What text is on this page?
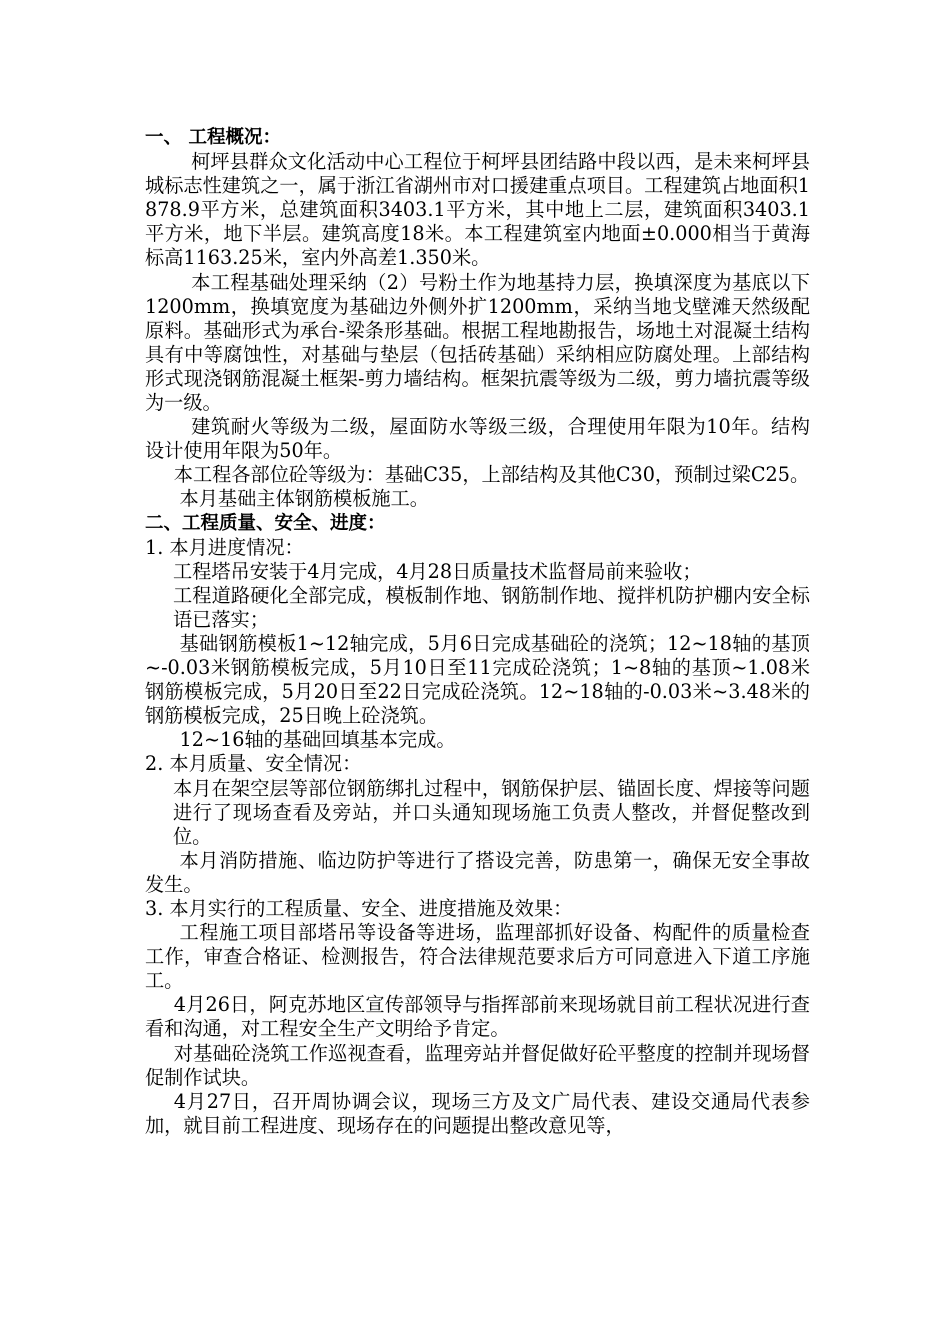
一、 工程概况：

柯坪县群众文化活动中心工程位于柯坪县团结路中段以西，是未来柯坪县城标志性建筑之一，属于浙江省湖州市对口援建重点项目。工程建筑占地面积1878.9平方米，总建筑面积3403.1平方米，其中地上二层，建筑面积3403.1平方米，地下半层。建筑高度18米。本工程建筑室内地面±0.000相当于黄海标高1163.25米，室内外高差1.350米。

本工程基础处理采纳（2）号粉土作为地基持力层，换填深度为基底以下1200mm，换填宽度为基础边外侧外扩1200mm，采纳当地戈壁滩天然级配原料。基础形式为承台-梁条形基础。根据工程地勘报告，场地土对混凝土结构具有中等腐蚀性，对基础与垫层（包括砖基础）采纳相应防腐处理。上部结构形式现浇钢筋混凝土框架-剪力墙结构。框架抗震等级为二级，剪力墙抗震等级为一级。

建筑耐火等级为二级，屋面防水等级三级，合理使用年限为10年。结构设计使用年限为50年。

本工程各部位砼等级为：基础C35，上部结构及其他C30，预制过梁C25。

本月基础主体钢筋模板施工。

二、工程质量、安全、进度：

1. 本月进度情况：

工程塔吊安装于4月完成，4月28日质量技术监督局前来验收；

工程道路硬化全部完成，模板制作地、钢筋制作地、搅拌机防护棚内安全标语已落实；

基础钢筋模板1~12轴完成，5月6日完成基础砼的浇筑；12~18轴的基顶~-0.03米钢筋模板完成，5月10日至11完成砼浇筑；1~8轴的基顶~1.08米钢筋模板完成，5月20日至22日完成砼浇筑。12~18轴的-0.03米~3.48米的钢筋模板完成，25日晚上砼浇筑。

12~16轴的基础回填基本完成。

2. 本月质量、安全情况：

本月在架空层等部位钢筋绑扎过程中，钢筋保护层、锚固长度、焊接等问题进行了现场查看及旁站，并口头通知现场施工负责人整改，并督促整改到位。

本月消防措施、临边防护等进行了搭设完善，防患第一，确保无安全事故发生。

3. 本月实行的工程质量、安全、进度措施及效果：

工程施工项目部塔吊等设备等进场，监理部抓好设备、构配件的质量检查工作，审查合格证、检测报告，符合法律规范要求后方可同意进入下道工序施工。

4月26日，阿克苏地区宣传部领导与指挥部前来现场就目前工程状况进行查看和沟通，对工程安全生产文明给予肯定。

对基础砼浇筑工作巡视查看，监理旁站并督促做好砼平整度的控制并现场督促制作试块。

4月27日，召开周协调会议，现场三方及文广局代表、建设交通局代表参加，就目前工程进度、现场存在的问题提出整改意见等，
